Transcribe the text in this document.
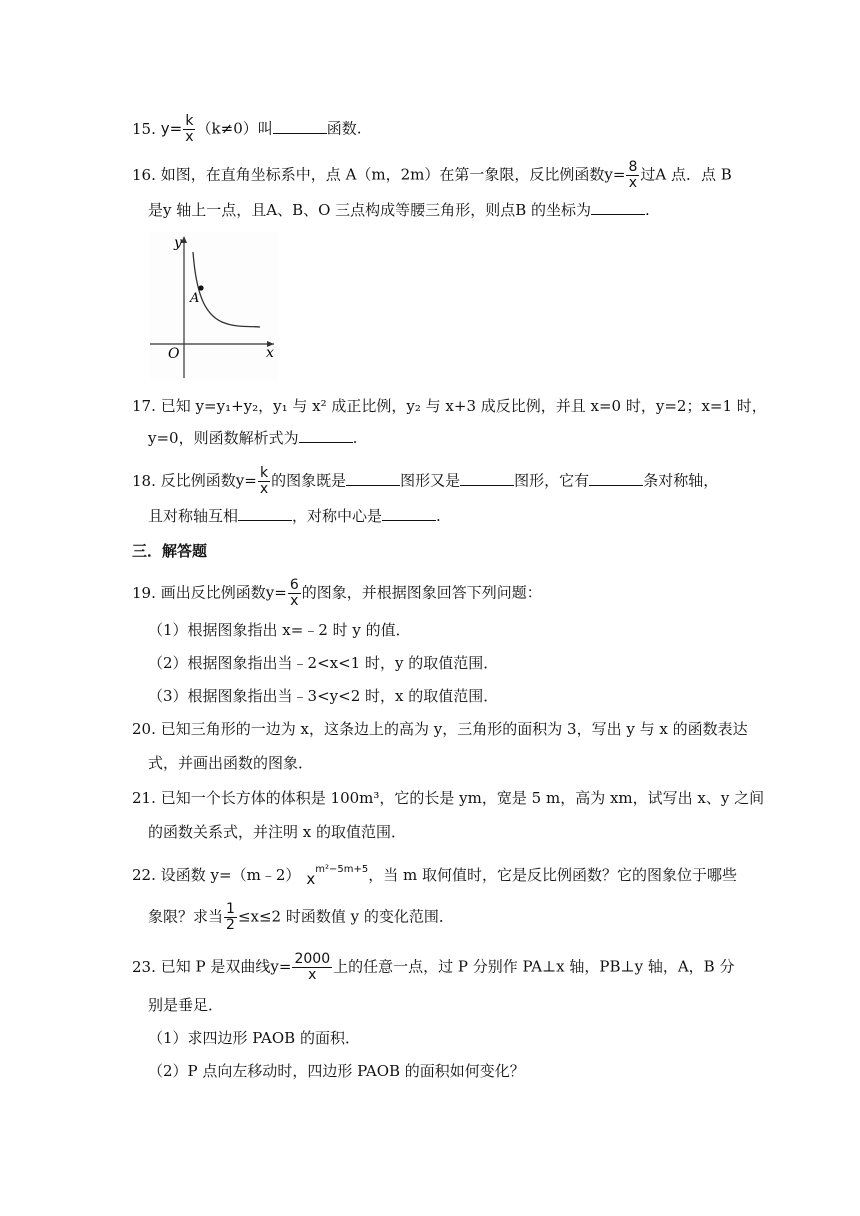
15. $y= \frac{k}{x} (k\ne 0)$叫	函数.
16. 如图，在直角坐标系中，点 A（m，2m）在第一象限，反比例函数$y= \frac{8}{x}$ 过A 点．点 B
是y 轴上一点，且A、B、O 三点构成等腰三角形，则点B 的坐标为	.
y
x
O
A
17. 已知 y=y₁+y₂，y₁ 与 x² 成正比例，y₂ 与 x+3 成反比例，并且 x=0 时，y=2；x=1 时，
y=0，则函数解析式为	.
18. 反比例函数$y= \frac{k}{x}$ 的图象既是	图形又是	图形，它有	条对称轴，
且对称轴互相	，对称中心是	.
三．解答题
19. 画出反比例函数$y= \frac{6}{x}$ 的图象，并根据图象回答下列问题：
（1）根据图象指出 x=﹣2 时 y 的值．
（2）根据图象指出当﹣2<x<1 时，y 的取值范围．
（3）根据图象指出当﹣3<y<2 时，x 的取值范围．
20. 已知三角形的一边为 x，这条边上的高为 y，三角形的面积为 3，写出 y 与 x 的函数表达
式，并画出函数的图象．
21. 已知一个长方体的体积是 100m³，它的长是 ym，宽是 5 m，高为 xm，试写出 x、y 之间
的函数关系式，并注明 x 的取值范围．
22. 设函数 y=（m﹣2） $x^{m^2-5m+5}$，当 m 取何值时，它是反比例函数？它的图象位于哪些
象限？求当 $\frac{1}{2} \le x\le 2$ 时函数值 y 的变化范围．
23. 已知 P 是双曲线$y= \frac{2000}{x}$ 上的任意一点，过 P 分别作 PA⊥x 轴，PB⊥y 轴，A，B 分
别是垂足．
（1）求四边形 PAOB 的面积．
（2）P 点向左移动时，四边形 PAOB 的面积如何变化？
